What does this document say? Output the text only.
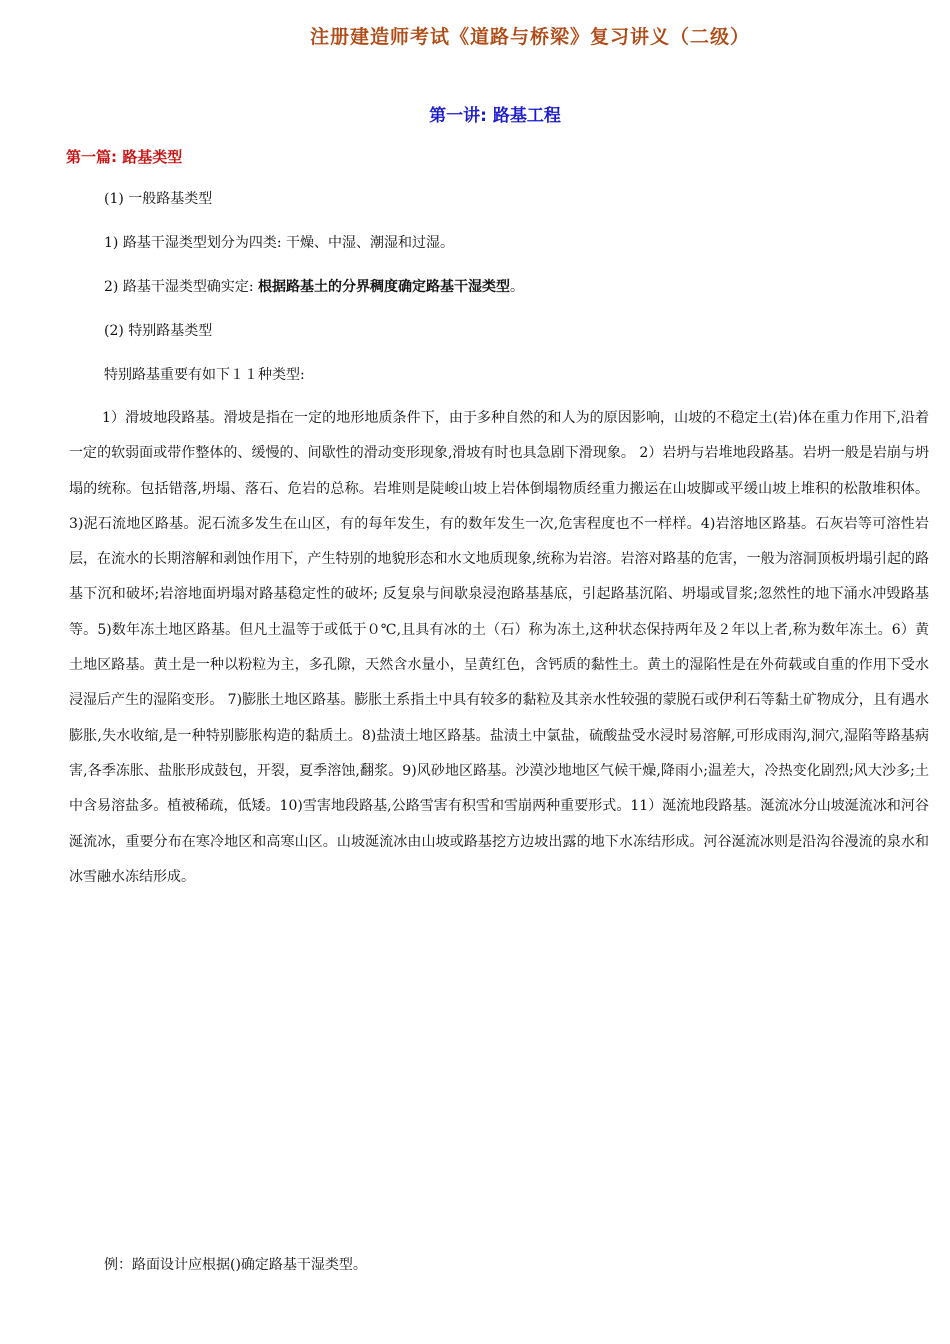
注册建造师考试《道路与桥梁》复习讲义（二级）
第一讲: 路基工程
第一篇: 路基类型
(1) 一般路基类型
1) 路基干湿类型划分为四类: 干燥、中湿、潮湿和过湿。
2) 路基干湿类型确实定: 根据路基土的分界稠度确定路基干湿类型。
(2) 特别路基类型
特别路基重要有如下１１种类型:

1）滑坡地段路基。滑坡是指在一定的地形地质条件下，由于多种自然的和人为的原因影响，山坡的不稳定土(岩)体在重力作用下,沿着一定的软弱面或带作整体的、缓慢的、间歇性的滑动变形现象,滑坡有时也具急剧下滑现象。 2）岩坍与岩堆地段路基。岩坍一般是岩崩与坍塌的统称。包括错落,坍塌、落石、危岩的总称。岩堆则是陡峻山坡上岩体倒塌物质经重力搬运在山坡脚或平缓山坡上堆积的松散堆积体。 3)泥石流地区路基。泥石流多发生在山区，有的每年发生，有的数年发生一次,危害程度也不一样样。4)岩溶地区路基。石灰岩等可溶性岩层，在流水的长期溶解和剥蚀作用下，产生特别的地貌形态和水文地质现象,统称为岩溶。岩溶对路基的危害，一般为溶洞顶板坍塌引起的路基下沉和破坏;岩溶地面坍塌对路基稳定性的破坏; 反复泉与间歇泉浸泡路基基底，引起路基沉陷、坍塌或冒浆;忽然性的地下涌水冲毁路基等。5)数年冻土地区路基。但凡土温等于或低于０℃,且具有冰的土（石）称为冻土,这种状态保持两年及２年以上者,称为数年冻土。6）黄土地区路基。黄土是一种以粉粒为主，多孔隙，天然含水量小，呈黄红色，含钙质的黏性土。黄土的湿陷性是在外荷载或自重的作用下受水浸湿后产生的湿陷变形。 7)膨胀土地区路基。膨胀土系指土中具有较多的黏粒及其亲水性较强的蒙脱石或伊利石等黏土矿物成分，且有遇水膨胀,失水收缩,是一种特别膨胀构造的黏质土。8)盐渍土地区路基。盐渍土中氯盐，硫酸盐受水浸时易溶解,可形成雨沟,洞穴,湿陷等路基病害,各季冻胀、盐胀形成鼓包，开裂，夏季溶蚀,翻浆。9)风砂地区路基。沙漠沙地地区气候干燥,降雨小;温差大，冷热变化剧烈;风大沙多;土中含易溶盐多。植被稀疏，低矮。10)雪害地段路基,公路雪害有积雪和雪崩两种重要形式。11）涎流地段路基。涎流冰分山坡涎流冰和河谷涎流冰，重要分布在寒冷地区和高寒山区。山坡涎流冰由山坡或路基挖方边坡出露的地下水冻结形成。河谷涎流冰则是沿沟谷漫流的泉水和冰雪融水冻结形成。

例：路面设计应根据()确定路基干湿类型。
